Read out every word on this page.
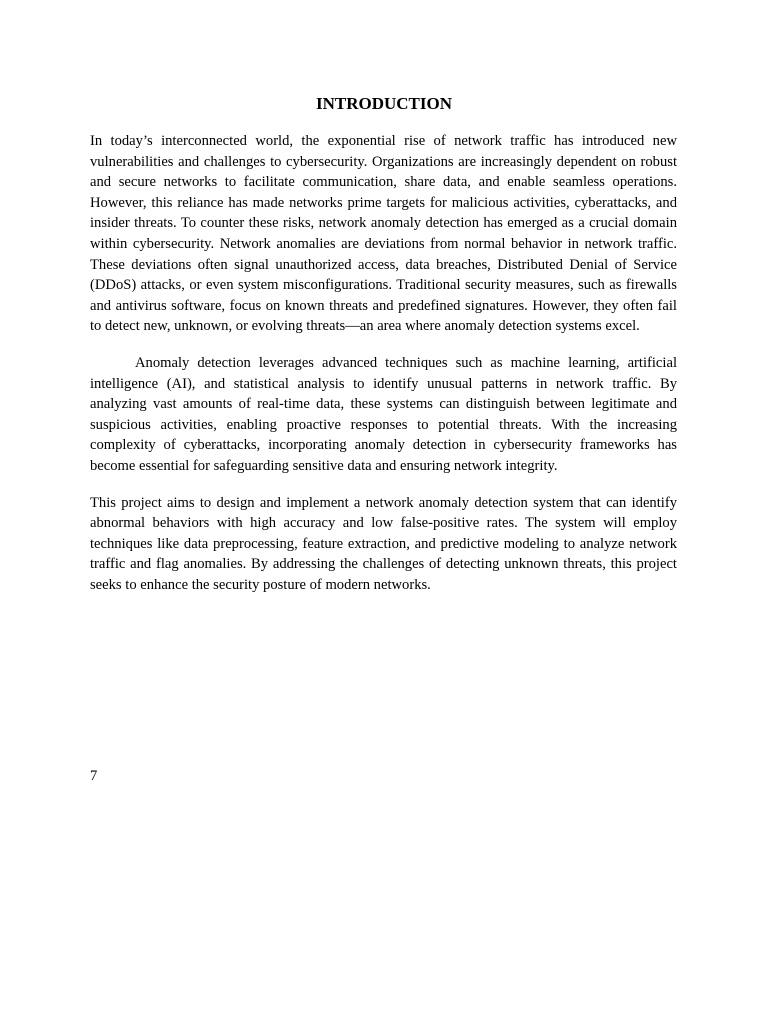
INTRODUCTION

In today’s interconnected world, the exponential rise of network traffic has introduced new vulnerabilities and challenges to cybersecurity. Organizations are increasingly dependent on robust and secure networks to facilitate communication, share data, and enable seamless operations. However, this reliance has made networks prime targets for malicious activities, cyberattacks, and insider threats. To counter these risks, network anomaly detection has emerged as a crucial domain within cybersecurity. Network anomalies are deviations from normal behavior in network traffic. These deviations often signal unauthorized access, data breaches, Distributed Denial of Service (DDoS) attacks, or even system misconfigurations. Traditional security measures, such as firewalls and antivirus software, focus on known threats and predefined signatures. However, they often fail to detect new, unknown, or evolving threats—an area where anomaly detection systems excel.

Anomaly detection leverages advanced techniques such as machine learning, artificial intelligence (AI), and statistical analysis to identify unusual patterns in network traffic. By analyzing vast amounts of real-time data, these systems can distinguish between legitimate and suspicious activities, enabling proactive responses to potential threats. With the increasing complexity of cyberattacks, incorporating anomaly detection in cybersecurity frameworks has become essential for safeguarding sensitive data and ensuring network integrity.

This project aims to design and implement a network anomaly detection system that can identify abnormal behaviors with high accuracy and low false-positive rates. The system will employ techniques like data preprocessing, feature extraction, and predictive modeling to analyze network traffic and flag anomalies. By addressing the challenges of detecting unknown threats, this project seeks to enhance the security posture of modern networks.

7
